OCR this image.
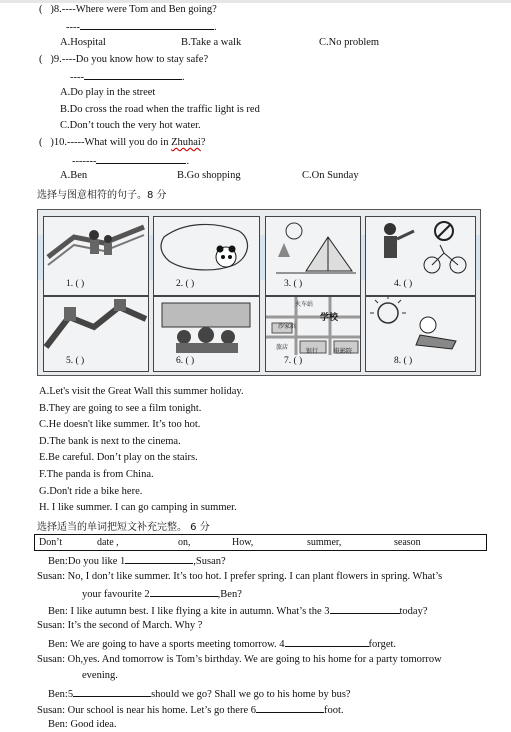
( )8.----Where were Tom and Ben going?
----	.
A.Hospital	B.Take a walk	C.No problem
( )9.----Do you know how to stay safe?
----	.
A.Do play in the street
B.Do cross the road when the traffic light is red
C.Don’t touch the very hot water.
( )10.-----What will you do in Zhuhai?
-------	.
A.Ben	B.Go shopping	C.On Sunday
选择与图意相符的句子。8 分
1. ( )	2. ( )	3. ( )	4. ( )
5. ( )	6. ( )
火车站
学校
沙家浜
旅店
银行	电影院
7. ( )	8. ( )
A.Let's visit the Great Wall this summer holiday.
B.They are going to see a film tonight.
C.He doesn't like summer. It’s too hot.
D.The bank is next to the cinema.
E.Be careful. Don’t play on the stairs.
F.The panda is from China.
G.Don't ride a bike here.
H. I like summer. I can go camping in summer.
选择适当的单词把短文补充完整。 6 分
Don’t	date ,	on,	How,	summer,	season
Ben:Do you like 1	,Susan?
Susan: No, I don’t like summer. It’s too hot. I prefer spring. I can plant flowers in spring. What’s
your favourite 2	,Ben?
Ben: I like autumn best. I like flying a kite in autumn. What’s the 3	today?
Susan: It’s the second of March. Why ?
Ben: We are going to have a sports meeting tomorrow. 4	forget.
Susan: Oh,yes. And tomorrow is Tom’s birthday. We are going to his home for a party tomorrow
evening.
Ben:5	should we go? Shall we go to his home by bus?
Susan: Our school is near his home. Let’s go there 6	foot.
Ben: Good idea.
